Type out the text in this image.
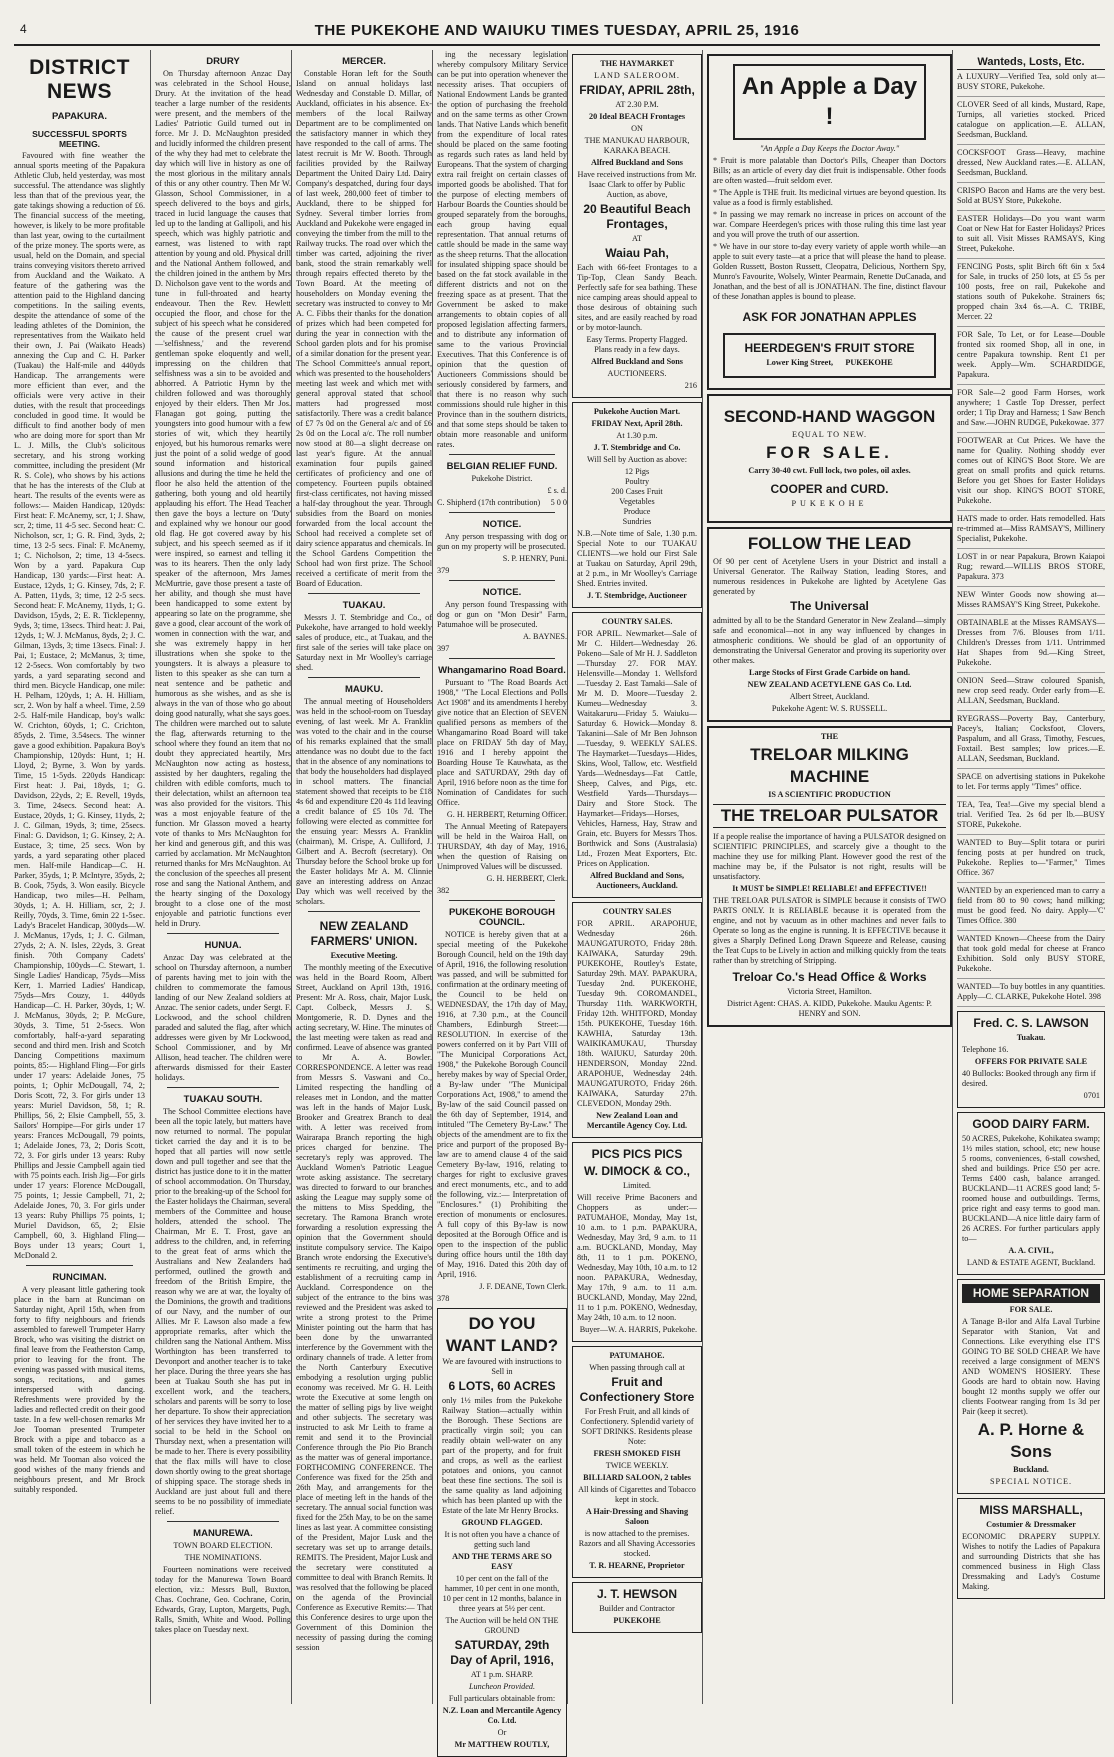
4	THE PUKEKOHE AND WAIUKU TIMES TUESDAY, APRIL 25, 1916
DISTRICT NEWS
PAPAKURA.
SUCCESSFUL SPORTS MEETING.

Favoured with fine weather the annual sports meeting of the Papakura Athletic Club, held yesterday, was most successful. The attendance was slightly less than that of the previous year, the gate takings showing a reduction of £6. The financial success of the meeting, however, is likely to be more profitable than last year, owing to the curtailment of the prize money. The sports were, as usual, held on the Domain, and special trains conveying visitors thereto arrived from Auckland and the Waikato. A feature of the gathering was the attention paid to the Highland dancing competitions. In the sailing events, despite the attendance of some of the leading athletes of the Dominion, the representatives from the Waikato held their own, J. Pai (Waikato Heads) annexing the Cup and C. H. Parker (Tuakau) the Half-mile and 440yds Handicap. The arrangements were more efficient than ever, and the officials were very active in their duties, with the result that proceedings concluded in good time. It would be difficult to find another body of men who are doing more for sport than Mr L. J. Mills, the Club's solicitous secretary, and his strong working committee, including the president (Mr R. S. Cole), who shows by his actions that he has the interests of the Club at heart. The results of the events were as follows:— Maiden Handicap, 120yds: First heat: F. McAnemy, scr, 1; J. Shaw, scr, 2; time, 11 4-5 sec. Second heat: C. Nicholson, scr, 1; G. R. Find, 3yds, 2; time, 13 2-5 secs. Final: F. McAnemy, 1; C. Nicholson, 2; time, 13 4-5secs. Won by a yard. Papakura Cup Handicap, 130 yards:—First heat: A. Eustace, 12yds, 1; G. Kinsey, 7ds, 2; F. A. Patten, 11yds, 3; time, 12 2-5 secs. Second heat: F. McAnemy, 11yds, 1; G. Davidson, 15yds, 2; E. R. Ticklepenny, 9yds, 3; time, 13secs. Third heat: J. Pai, 12yds, 1; W. J. McManus, 8yds, 2; J. C. Gilman, 13yds, 3; time 13secs. Final: J. Pai, 1; Eustace, 2; McManus, 3; time, 12 2-5secs. Won comfortably by two yards, a yard separating second and third men. Bicycle Handicap, one mile: H. Pelham, 120yds, 1; A. H. Hilliam, scr, 2. Won by half a wheel. Time, 2.59 2-5. Half-mile Handicap, boy's walk: W. Crichton, 60yds, 1; C. Crichton, 85yds, 2. Time, 3.54secs. The winner gave a good exhibition. Papakura Boy's Championship, 120yds: Hunt, 1; H. Lloyd, 2; Byrne, 3. Won by yards. Time, 15 1-5yds. 220yds Handicap: First heat: J. Pai, 18yds, 1; G. Davidson, 22yds, 2; E. Revell, 19yds, 3. Time, 24secs. Second heat: A. Eustace, 20yds, 1; G. Kinsey, 11yds, 2; J. C. Gilman, 19yds, 3; time, 25secs. Final: G. Davidson, 1; G. Kinsey, 2; A. Eustace, 3; time, 25 secs. Won by yards, a yard separating other placed men. Half-mile Handicap—C. H. Parker, 35yds, 1; P. McIntyre, 35yds, 2; B. Cook, 75yds, 3. Won easily. Bicycle Handicap, two miles—H. Pelham, 30yds, 1; A. H. Hilliam, scr, 2; J. Reilly, 70yds, 3. Time, 6min 22 1-5sec. Lady's Bracelet Handicap, 300yds—W. J. McManus, 17yds, 1; J. C. Gilman, 27yds, 2; A. N. Isles, 22yds, 3. Great finish. 70th Company Cadets' Championship, 100yds—C. Stewart, 1. Single Ladies' Handicap, 75yds—Miss Kerr, 1. Married Ladies' Handicap, 75yds—Mrs Couzy, 1. 440yds Handicap—C. H. Parker, 30yds, 1; W. J. McManus, 30yds, 2; P. McGure, 30yds, 3. Time, 51 2-5secs. Won comfortably, half-a-yard separating second and third men. Irish and Scotch Dancing Competitions maximum points, 85:— Highland Fling—For girls under 17 years: Adelaide Jones, 75 points, 1; Ophir McDougall, 74, 2; Doris Scott, 72, 3. For girls under 13 years: Muriel Davidson, 58, 1; R. Phillips, 56, 2; Elsie Campbell, 55, 3. Sailors' Hornpipe—For girls under 17 years: Frances McDougall, 79 points, 1; Adelaide Jones, 73, 2; Doris Scott, 72, 3. For girls under 13 years: Ruby Phillips and Jessie Campbell again tied with 75 points each. Irish Jig—For girls under 17 years: Florence McDougall, 75 points, 1; Jessie Campbell, 71, 2; Adelaide Jones, 70, 3. For girls under 13 years: Ruby Phillips 75 points, 1; Muriel Davidson, 65, 2; Elsie Campbell, 60, 3. Highland Fling—Boys under 13 years; Court 1, McDonald 2.

RUNCIMAN.

A very pleasant little gathering took place in the barn at Runciman on Saturday night, April 15th, when from forty to fifty neighbours and friends assembled to farewell Trumpeter Harry Brock, who was visiting the district on final leave from the Featherston Camp, prior to leaving for the front. The evening was passed with musical items, songs, recitations, and games interspersed with dancing. Refreshments were provided by the ladies and reflected credit on their good taste. In a few well-chosen remarks Mr Joe Tooman presented Trumpeter Brock with a pipe and tobacco as a small token of the esteem in which he was held. Mr Tooman also voiced the good wishes of the many friends and neighbours present, and Mr Brock suitably responded.

DRURY

On Thursday afternoon Anzac Day was celebrated in the School House, Drury. At the invitation of the head teacher a large number of the residents were present, and the members of the Ladies' Patriotic Guild turned out in force. Mr J. D. McNaughton presided and lucidly informed the children present of the why they had met to celebrate the day which will live in history as one of the most glorious in the military annals of this or any other country. Then Mr W. Glasson, School Commissioner, in a speech delivered to the boys and girls, traced in lucid language the causes that led up to the landing at Gallipoli, and his speech, which was highly patriotic and earnest, was listened to with rapt attention by young and old. Physical drill and the National Anthem followed, and the children joined in the anthem by Mrs D. Nicholson gave vent to the words and tune in full-throated and hearty endeavour. Then the Rev. Hewlett occupied the floor, and chose for the subject of his speech what he considered the cause of the present cruel war—'selfishness,' and the reverend gentleman spoke eloquently and well, impressing on the children that selfishness was a sin to be avoided and abhorred. A Patriotic Hymn by the children followed and was thoroughly enjoyed by their elders. Then Mr Jos. Flanagan got going, putting the youngsters into good humour with a few stories of wit, which they heartily enjoyed, but his humorous remarks were just the point of a solid wedge of good sound information and historical allusions and during the time he held the floor he also held the attention of the gathering, both young and old heartily applauding his effort. The Head Teacher then gave the boys a lecture on 'Duty' and explained why we honour our good old flag. He got covered away by his subject, and his speech seemed as if it were inspired, so earnest and telling it was to its hearers. Then the only lady speaker of the afternoon, Mrs James McMurtrie, gave those present a taste of her ability, and though she must have been handicapped to some extent by appearing so late on the programme, she gave a good, clear account of the work of women in connection with the war, and she was extremely happy in her illustrations when she spoke to the youngsters. It is always a pleasure to listen to this speaker as she can turn a neat sentence and be pathetic and humorous as she wishes, and as she is always in the van of those who go about doing good naturally, what she says goes. The children were marched out to salute the flag, afterwards returning to the school where they found an item that no doubt they appreciated heartily, Mrs McNaughton now acting as hostess, assisted by her daughters, regaling the children with edible comforts, much to their delectation, whilst an afternoon tea was also provided for the visitors. This was a most enjoyable feature of the function. Mr Glasson moved a hearty vote of thanks to Mrs McNaughton for her kind and generous gift, and this was carried by acclamation. Mr McNaughton returned thanks for Mrs McNaughton. At the conclusion of the speeches all present rose and sang the National Anthem, and the hearty singing of the Doxology brought to a close one of the most enjoyable and patriotic functions ever held in Drury.

HUNUA.

Anzac Day was celebrated at the school on Thursday afternoon, a number of parents having met to join with the children to commemorate the famous landing of our New Zealand soldiers at Anzac. The senior cadets, under Sergt. F. Lockwood, and the school children paraded and saluted the flag, after which addresses were given by Mr Lockwood, School Commissioner, and by Mr Allison, head teacher. The children were afterwards dismissed for their Easter holidays.

TUAKAU SOUTH.

The School Committee elections have been all the topic lately, but matters have now returned to normal. The popular ticket carried the day and it is to be hoped that all parties will now settle down and pull together and see that the district has justice done to it in the matter of school accommodation. On Thursday, prior to the breaking-up of the School for the Easter holidays the Chairman, several members of the Committee and house holders, attended the school. The Chairman, Mr E. T. Frost, gave an address to the children, and, in referring to the great feat of arms which the Australians and New Zealanders had performed, outlined the growth and freedom of the British Empire, the reason why we are at war, the loyalty of the Dominions, the growth and traditions of our Navy, and the number of our Allies. Mr F. Lawson also made a few appropriate remarks, after which the children sang the National Anthem. Miss Worthington has been transferred to Devonport and another teacher is to take her place. During the three years she has been at Tuakau South she has put in excellent work, and the teachers, scholars and parents will be sorry to lose her departure. To show their appreciation of her services they have invited her to a social to be held in the School on Thursday next, when a presentation will be made to her. There is every possibility that the flax mills will have to close down shortly owing to the great shortage of shipping space. The storage sheds in Auckland are just about full and there seems to be no possibility of immediate relief.

MANUREWA.

TOWN BOARD ELECTION.

THE NOMINATIONS.

Fourteen nominations were received today for the Manurewa Town Board election, viz.: Messrs Bull, Buxton, Chas. Cochrane, Geo. Cochrane, Corin, Edwards, Gray, Lupton, Margetts, Pugh, Ralls, Smith, White and Wood. Polling takes place on Tuesday next.

MERCER.

Constable Horan left for the South Island on annual holidays last Wednesday and Constable D. Millar, of Auckland, officiates in his absence. Ex-members of the local Railway Department are to be complimented on the satisfactory manner in which they have responded to the call of arms. The latest recruit is Mr W. Booth. Through facilities provided by the Railway Department the United Dairy Ltd. Dairy Company's despatched, during four days of last week, 280,000 feet of timber to Auckland, there to be shipped for Sydney. Several timber lorries from Auckland and Pukekohe were engaged in conveying the timber from the mill to the Railway trucks. The road over which the timber was carted, adjoining the river bank, stood the strain remarkably well through repairs effected thereto by the Town Board. At the meeting of householders on Monday evening the secretary was instructed to convey to Mr A. C. Fibbs their thanks for the donation of prizes which had been competed for during the year in connection with the School garden plots and for his promise of a similar donation for the present year. The School Committee's annual report, which was presented to the householders' meeting last week and which met with general approval stated that school matters had progressed most satisfactorily. There was a credit balance of £7 7s 0d on the General a/c and of £6 2s 0d on the Local a/c. The roll number now stood at 80—a slight decrease on last year's figure. At the annual examination four pupils gained certificates of proficiency and one of competency. Fourteen pupils obtained first-class certificates, not having missed a half-day throughout the year. Through subsidies from the Board on monies forwarded from the local account the School had received a complete set of dairy science apparatus and chemicals. In the School Gardens Competition the School had won first prize. The School received a certificate of merit from the Board of Education.

TUAKAU.

Messrs J. T. Stembridge and Co., of Pukekohe, have arranged to hold weekly sales of produce, etc., at Tuakau, and the first sale of the series will take place on Saturday next in Mr Woolley's carriage shed.

MAUKU.

The annual meeting of Householders was held in the school-room on Tuesday evening, of last week. Mr A. Franklin was voted to the chair and in the course of his remarks explained that the small attendance was no doubt due to the fact that in the absence of any nominations to that body the householders had displayed in school matters. The financial statement showed that receipts to be £18 4s 6d and expenditure £20 4s 11d leaving a credit balance of £5 10s 7d. The following were elected as committee for the ensuing year: Messrs A. Franklin (chairman), M. Crispe, A. Culliford, J. Gilbert and A. Becroft (secretary). On Thursday before the School broke up for the Easter holidays Mr A. M. Clinnie gave an interesting address on Anzac Day which was well received by the scholars.

NEW ZEALAND FARMERS' UNION.

Executive Meeting.

The monthly meeting of the Executive was held in the Board Room, Albert Street, Auckland on April 13th, 1916. Present: Mr A. Ross, chair, Major Lusk, Capt. Colbeck, Messrs J. S. Montgomerie, R. D. Dynes and the acting secretary, W. Hine. The minutes of the last meeting were taken as read and confirmed. Leave of absence was granted to Mr A. A. Bowler. CORRESPONDENCE. A letter was read from Messrs S. Vaswani and Co., Limited respecting the handling of releases met in London, and the matter was left in the hands of Major Lusk, Brooker and Greatrex Branch to deal with. A letter was received from Wairarapa Branch reporting the high prices charged for benzine. The secretary's reply was approved. The Auckland Women's Patriotic League wrote asking assistance. The secretary was directed to forward to our branches asking the League may supply some of the mittens to Miss Spedding, the secretary. The Ramona Branch wrote forwarding a resolution expressing the opinion that the Government should institute compulsory service. The Kaipo Branch wrote endorsing the Executive's sentiments re recruiting, and urging the establishment of a recruiting camp in Auckland. Correspondence on the subject of the entrance to the bins was reviewed and the President was asked to write a strong protest to the Prime Minister pointing out the harm that has been done by the unwarranted interference by the Government with the ordinary channels of trade. A letter from the North Canterbury Executive embodying a resolution urging public economy was received. Mr G. H. Leith wrote the Executive at some length on the matter of selling pigs by live weight and other subjects. The secretary was instructed to ask Mr Leith to frame a remit and send it to the Provincial Conference through the Pio Pio Branch as the matter was of general importance. FORTHCOMING CONFERENCE. The Conference was fixed for the 25th and 26th May, and arrangements for the place of meeting left in the hands of the secretary. The annual social function was fixed for the 25th May, to be on the same lines as last year. A committee consisting of the President, Major Lusk and the secretary was set up to arrange details. REMITS. The President, Major Lusk and the secretary were constituted a committee to deal with Branch Remits. It was resolved that the following be placed on the agenda of the Provincial Conference as Executive Remits:— That this Conference desires to urge upon the Government of this Dominion the necessity of passing during the coming session

ing the necessary legislation whereby compulsory Military Service can be put into operation whenever the necessity arises. That occupiers of National Endowment Lands be granted the option of purchasing the freehold and on the same terms as other Crown lands. That Native Lands which benefit from the expenditure of local rates should be placed on the same footing as regards such rates as land held by Europeans. That the system of charging extra rail freight on certain classes of imported goods be abolished. That for the purpose of electing members of Harbour Boards the Counties should be grouped separately from the boroughs, each group having equal representation. That annual returns of cattle should be made in the same way as the sheep returns. That the allocation for insulated shipping space should be based on the fat stock available in the different districts and not on the freezing space as at present. That the Government be asked to make arrangements to obtain copies of all proposed legislation affecting farmers, and to distribute any information of same to the various Provincial Executives. That this Conference is of opinion that the question of Auctioneers Commissions should be seriously considered by farmers, and that there is no reason why such commissions should rule higher in this Province than in the southern districts, and that some steps should be taken to obtain more reasonable and uniform rates.

BELGIAN RELIEF FUND.

Pukekohe District.

£ s. d.

C. Shipherd (17th contribution) 5 0 0

NOTICE.

Any person trespassing with dog or gun on my property will be prosecuted.

S. P. HENRY, Puni.

379

NOTICE.

Any person found Trespassing with dog or gun on "Mon Desir" Farm, Patumahoe will be prosecuted.

A. BAYNES.

397

Whangamarino Road Board.

Pursuant to "The Road Boards Act 1908," "The Local Elections and Polls Act 1908" and its amendments I hereby give notice that an Election of SEVEN qualified persons as members of the Whangamarino Road Board will take place on FRIDAY 5th day of May, 1916 and I hereby appoint the Boarding House Te Kauwhata, as the place and SATURDAY, 29th day of April, 1916 before noon as the time for Nomination of Candidates for such Office.

G. H. HERBERT, Returning Officer.

The Annual Meeting of Ratepayers will be held in the Wairoa Hall, on THURSDAY, 4th day of May, 1916, when the question of Raising on Unimproved Values will be discussed.

G. H. HERBERT, Clerk.

382

PUKEKOHE BOROUGH COUNCIL.

NOTICE is hereby given that at a special meeting of the Pukekohe Borough Council, held on the 19th day of April, 1916, the following resolution was passed, and will be submitted for confirmation at the ordinary meeting of the Council to be held on WEDNESDAY, the 17th day of May, 1916, at 7.30 p.m., at the Council Chambers, Edinburgh Street:— RESOLUTION. In exercise of the powers conferred on it by Part VIII of "The Municipal Corporations Act, 1908," the Pukekohe Borough Council hereby makes by way of Special Order, a By-law under "The Municipal Corporations Act, 1908," to amend the By-law of the said Council passed on the 6th day of September, 1914, and intituled "The Cemetery By-Law." The objects of the amendment are to fix the price and purport of the proposed By-law are to amend clause 4 of the said Cemetery By-law, 1916, relating to charges for right to exclusive graves and erect monuments, etc., and to add the following, viz.:— Interpretation of "Enclosures." (1) Prohibiting the erection of monuments or enclosures. A full copy of this By-law is now deposited at the Borough Office and is open to the inspection of the public during office hours until the 18th day of May, 1916. Dated this 20th day of April, 1916.

J. F. DEANE, Town Clerk.

378

DO YOU WANT LAND?

We are favoured with instructions to Sell in

6 LOTS, 60 ACRES

only 1½ miles from the Pukekohe Railway Station—actually within the Borough. These Sections are practically virgin soil; you can readily obtain well-water on any part of the property, and for fruit and crops, as well as the earliest potatoes and onions, you cannot beat these fine sections. The soil is the same quality as land adjoining which has been planted up with the Estate of the late Mr Henry Brocks.

GROUND FLAGGED.

It is not often you have a chance of getting such land

AND THE TERMS ARE SO EASY

10 per cent on the fall of the hammer, 10 per cent in one month, 10 per cent in 12 months, balance in three years at 5½ per cent.

The Auction will be held ON THE GROUND

SATURDAY, 29th Day of April, 1916,

AT 1 p.m. SHARP.

Luncheon Provided.

Full particulars obtainable from:

N.Z. Loan and Mercantile Agency Co. Ltd.

Or

Mr MATTHEW ROUTLY,

THE HAYMARKET

LAND SALEROOM.

FRIDAY, APRIL 28th,

AT 2.30 P.M.

20 Ideal BEACH Frontages

ON

THE MANUKAU HARBOUR, KARAKA BEACH.

Alfred Buckland and Sons

Have received instructions from Mr. Isaac Clark to offer by Public Auction, as above,

20 Beautiful Beach Frontages,

AT

Waiau Pah,

Each with 66-feet Frontages to a Tip-Top, Clean Sandy Beach. Perfectly safe for sea bathing. These nice camping areas should appeal to those desirous of obtaining such sites, and are easily reached by road or by motor-launch.

Easy Terms. Property Flagged. Plans ready in a few days.

Alfred Buckland and Sons

AUCTIONEERS.

216

Pukekohe Auction Mart.

FRIDAY Next, April 28th.

At 1.30 p.m.

J. T. Stembridge and Co.

Will Sell by Auction as above:

12 Pigs
Poultry
200 Cases Fruit
Vegetables
Produce
Sundries

N.B.—Note time of Sale, 1.30 p.m. Special Note to our TUAKAU CLIENTS—we hold our First Sale at Tuakau on Saturday, April 29th, at 2 p.m., in Mr Woolley's Carriage Shed. Entries invited.

J. T. Stembridge, Auctioneer

COUNTRY SALES.

FOR APRIL. Newmarket—Sale of Mr C. Hildert—Wednesday 26. Pokeno—Sale of Mr H. J. Saddleton—Thursday 27. FOR MAY. Helensville—Monday 1. Wellsford—Tuesday 2. East Tamaki—Sale of Mr M. D. Moore—Tuesday 2. Kumeu—Wednesday 3. Waitakaruru—Friday 5. Waiuku—Saturday 6. Howick—Monday 8. Takanini—Sale of Mr Ben Johnson—Tuesday, 9. WEEKLY SALES. The Haymarket—Tuesdays—Hides, Skins, Wool, Tallow, etc. Westfield Yards—Wednesdays—Fat Cattle, Sheep, Calves, and Pigs, etc. Westfield Yards—Thursdays—Dairy and Store Stock. The Haymarket—Fridays—Horses, Vehicles, Harness, Hay, Straw and Grain, etc. Buyers for Messrs Thos. Borthwick and Sons (Australasia) Ltd., Frozen Meat Exporters, Etc. Prices on Application.

Alfred Buckland and Sons, Auctioneers, Auckland.

COUNTRY SALES

FOR APRIL. ARAPOHUE, Wednesday 26th. MAUNGATUROTO, Friday 28th. KAIWAKA, Saturday 29th. PUKEKOHE, Routley's Estate, Saturday 29th. MAY. PAPAKURA, Tuesday 2nd. PUKEKOHE, Tuesday 9th. COROMANDEL, Thursday 11th. WARKWORTH, Friday 12th. WHITFORD, Monday 15th. PUKEKOHE, Tuesday 16th. KAWHIA, Saturday 13th. WAIKIKAMUKAU, Thursday 18th. WAIUKU, Saturday 20th. HENDERSON, Monday 22nd. ARAPOHUE, Wednesday 24th. MAUNGATUROTO, Friday 26th. KAIWAKA, Saturday 27th. CLEVEDON, Monday 29th.

New Zealand Loan and Mercantile Agency Coy. Ltd.

PICS PICS PICS

W. DIMOCK & CO.,

Limited.

Will receive Prime Baconers and Choppers as under:— PATUMAHOE, Monday, May 1st, 10 a.m. to 1 p.m. PAPAKURA, Wednesday, May 3rd, 9 a.m. to 11 a.m. BUCKLAND, Monday, May 8th, 11 to 1 p.m. POKENO, Wednesday, May 10th, 10 a.m. to 12 noon. PAPAKURA, Wednesday, May 17th, 9 a.m. to 11 a.m. BUCKLAND, Monday, May 22nd, 11 to 1 p.m. POKENO, Wednesday, May 24th, 10 a.m. to 12 noon.

Buyer—W. A. HARRIS, Pukekohe.

PATUMAHOE.

When passing through call at

Fruit and Confectionery Store

For Fresh Fruit, and all kinds of Confectionery. Splendid variety of SOFT DRINKS. Residents please Note:

FRESH SMOKED FISH

TWICE WEEKLY.

BILLIARD SALOON, 2 tables

All kinds of Cigarettes and Tobacco kept in stock.

A Hair-Dressing and Shaving Saloon

is now attached to the premises. Razors and all Shaving Accessories stocked.

T. R. HEARNE, Proprietor

J. T. HEWSON

Builder and Contractor

PUKEKOHE

An Apple a Day !

"An Apple a Day Keeps the Doctor Away."

* Fruit is more palatable than Doctor's Pills, Cheaper than Doctors Bills; as an article of every day diet fruit is indispensable. Other foods are often wasted—fruit seldom ever.

* The Apple is THE fruit. Its medicinal virtues are beyond question. Its value as a food is firmly established.

* In passing we may remark no increase in prices on account of the war. Compare Heerdegen's prices with those ruling this time last year and you will prove the truth of our assertion.

* We have in our store to-day every variety of apple worth while—an apple to suit every taste—at a price that will please the hand to please. Golden Russett, Boston Russett, Cleopatra, Delicious, Northern Spy, Munro's Favourite, Wolsely, Winter Pearmain, Renette DuCanada, and Jonathan, and the best of all is JONATHAN. The fine, distinct flavour of these Jonathan apples is bound to please.

ASK FOR JONATHAN APPLES

HEERDEGEN'S FRUIT STORE

Lower King Street, PUKEKOHE

SECOND-HAND WAGGON

EQUAL TO NEW.

FOR SALE.

Carry 30-40 cwt. Full lock, two poles, oil axles.

COOPER and CURD.

PUKEKOHE

FOLLOW THE LEAD

Of 90 per cent of Acetylene Users in your District and install a Universal Generator. The Railway Station, leading Stores, and numerous residences in Pukekohe are lighted by Acetylene Gas generated by

The Universal

admitted by all to be the Standard Generator in New Zealand—simply safe and economical—not in any way influenced by changes in atmospheric conditions. We should be glad of an opportunity of demonstrating the Universal Generator and proving its superiority over other makes.

Large Stocks of First Grade Carbide on hand.

NEW ZEALAND ACETYLENE GAS Co. Ltd.

Albert Street, Auckland.

Pukekohe Agent: W. S. RUSSELL.

THE

TRELOAR MILKING MACHINE

IS A SCIENTIFIC PRODUCTION

THE TRELOAR PULSATOR

If a people realise the importance of having a PULSATOR designed on SCIENTIFIC PRINCIPLES, and scarcely give a thought to the machine they use for milking Plant. However good the rest of the machine may be, if the Pulsator is not right, results will be unsatisfactory.

It MUST be SIMPLE! RELIABLE! and EFFECTIVE!!

THE TRELOAR PULSATOR is SIMPLE because it consists of TWO PARTS ONLY. It is RELIABLE because it is operated from the engine, and not by vacuum as in other machines and never fails to Operate so long as the engine is running. It is EFFECTIVE because it gives a Sharply Defined Long Drawn Squeeze and Release, causing the Teat Cups to be Lively in action and milking quickly from the teats rather than by stretching of Stripping.

Treloar Co.'s Head Office & Works

Victoria Street, Hamilton.

District Agent: CHAS. A. KIDD, Pukekohe. Mauku Agents: P. HENRY and SON.

Wanteds, Losts, Etc.

A LUXURY—Verified Tea, sold only at—BUSY STORE, Pukekohe.

CLOVER Seed of all kinds, Mustard, Rape, Turnips, all varieties stocked. Priced catalogue on application.—E. ALLAN, Seedsman, Buckland.

COCKSFOOT Grass—Heavy, machine dressed, New Auckland rates.—E. ALLAN, Seedsman, Buckland.

CRISPO Bacon and Hams are the very best. Sold at BUSY Store, Pukekohe.

EASTER Holidays—Do you want warm Coat or New Hat for Easter Holidays? Prices to suit all. Visit Misses RAMSAYS, King Street, Pukekohe.

FENCING Posts, split Birch 6ft 6in x 5x4 for Sale, in trucks of 250 lots, at £5 5s per 100 posts, free on rail, Pukekohe and stations south of Pukekohe. Strainers 6s; propped chain 3x4 6s.—A. C. TRIBE, Mercer. 22

FOR Sale, To Let, or for Lease—Double fronted six roomed Shop, all in one, in centre Papakura township. Rent £1 per week. Apply—Wm. SCHARDIDGE, Papakura.

FOR Sale—2 good Farm Horses, work anywhere; 1 Castle Top Dresser, perfect order; 1 Tip Dray and Harness; 1 Saw Bench and Saw.—JOHN RUDGE, Pukekowae. 377

FOOTWEAR at Cut Prices. We have the name for Quality. Nothing shoddy ever comes out of KING'S Boot Store. We are great on small profits and quick returns. Before you get Shoes for Easter Holidays visit our shop. KING'S BOOT STORE, Pukekohe.

HATS made to order. Hats remodelled. Hats re-trimmed at—Miss RAMSAY'S, Millinery Specialist, Pukekohe.

LOST in or near Papakura, Brown Kaiapoi Rug; reward.—WILLIS BROS STORE, Papakura. 373

NEW Winter Goods now showing at—Misses RAMSAY'S King Street, Pukekohe.

OBTAINABLE at the Misses RAMSAYS—Dresses from 7/6. Blouses from 1/11. Children's Dresses from 1/11. Untrimmed Hat Shapes from 9d.—King Street, Pukekohe.

ONION Seed—Straw coloured Spanish, new crop seed ready. Order early from—E. ALLAN, Seedsman, Buckland.

RYEGRASS—Poverty Bay, Canterbury, Pacey's, Italian; Cocksfoot, Clovers, Paspalum, and all Grass, Timothy, Fescues, Foxtail. Best samples; low prices.—E. ALLAN, Seedsman, Buckland.

SPACE on advertising stations in Pukekohe to let. For terms apply "Times" office.

TEA, Tea, Tea!—Give my special blend a trial. Verified Tea. 2s 6d per lb.—BUSY STORE, Pukekohe.

WANTED to Buy—Split totara or puriri fencing posts at per hundred on truck, Pukekohe. Replies to—"Farmer," Times Office. 367

WANTED by an experienced man to carry a field from 80 to 90 cows; hand milking; must be good feed. No dairy. Apply—'C' Times Office. 380

WANTED Known—Cheese from the Dairy that took gold medal for cheese at Franco Exhibition. Sold only BUSY STORE, Pukekohe.

WANTED—To buy bottles in any quantities. Apply—C. CLARKE, Pukekohe Hotel. 398

Fred. C. S. LAWSON

Tuakau.

Telephone 16.

OFFERS FOR PRIVATE SALE

40 Bullocks: Booked through any firm if desired.

0701

GOOD DAIRY FARM.

50 ACRES, Pukekohe, Kohikatea swamp; 1½ miles station, school, etc; new house 5 rooms, conveniences, 6-stall cowshed, shed and buildings. Price £50 per acre. Terms £400 cash, balance arranged. BUCKLAND—11 ACRES good land; 5-roomed house and outbuildings. Terms, price right and easy terms to good man. BUCKLAND—A nice little dairy farm of 26 ACRES. For further particulars apply to—

A. A. CIVIL,

LAND & ESTATE AGENT, Buckland.

HOME SEPARATION

FOR SALE.

A Tanage B-ilor and Alfa Laval Turbine Separator with Stanion, Vat and Connections. Like everything else IT'S GOING TO BE SOLD CHEAP. We have received a large consignment of MEN'S AND WOMEN'S HOSIERY. These Goods are hard to obtain now. Having bought 12 months supply we offer our clients Footwear ranging from 1s 3d per Pair (keep it secret).

A. P. Horne & Sons

Buckland.

SPECIAL NOTICE.

MISS MARSHALL,

Costumier & Dressmaker

ECONOMIC DRAPERY SUPPLY. Wishes to notify the Ladies of Papakura and surrounding Districts that she has commenced business in High Class Dressmaking and Lady's Costume Making.
